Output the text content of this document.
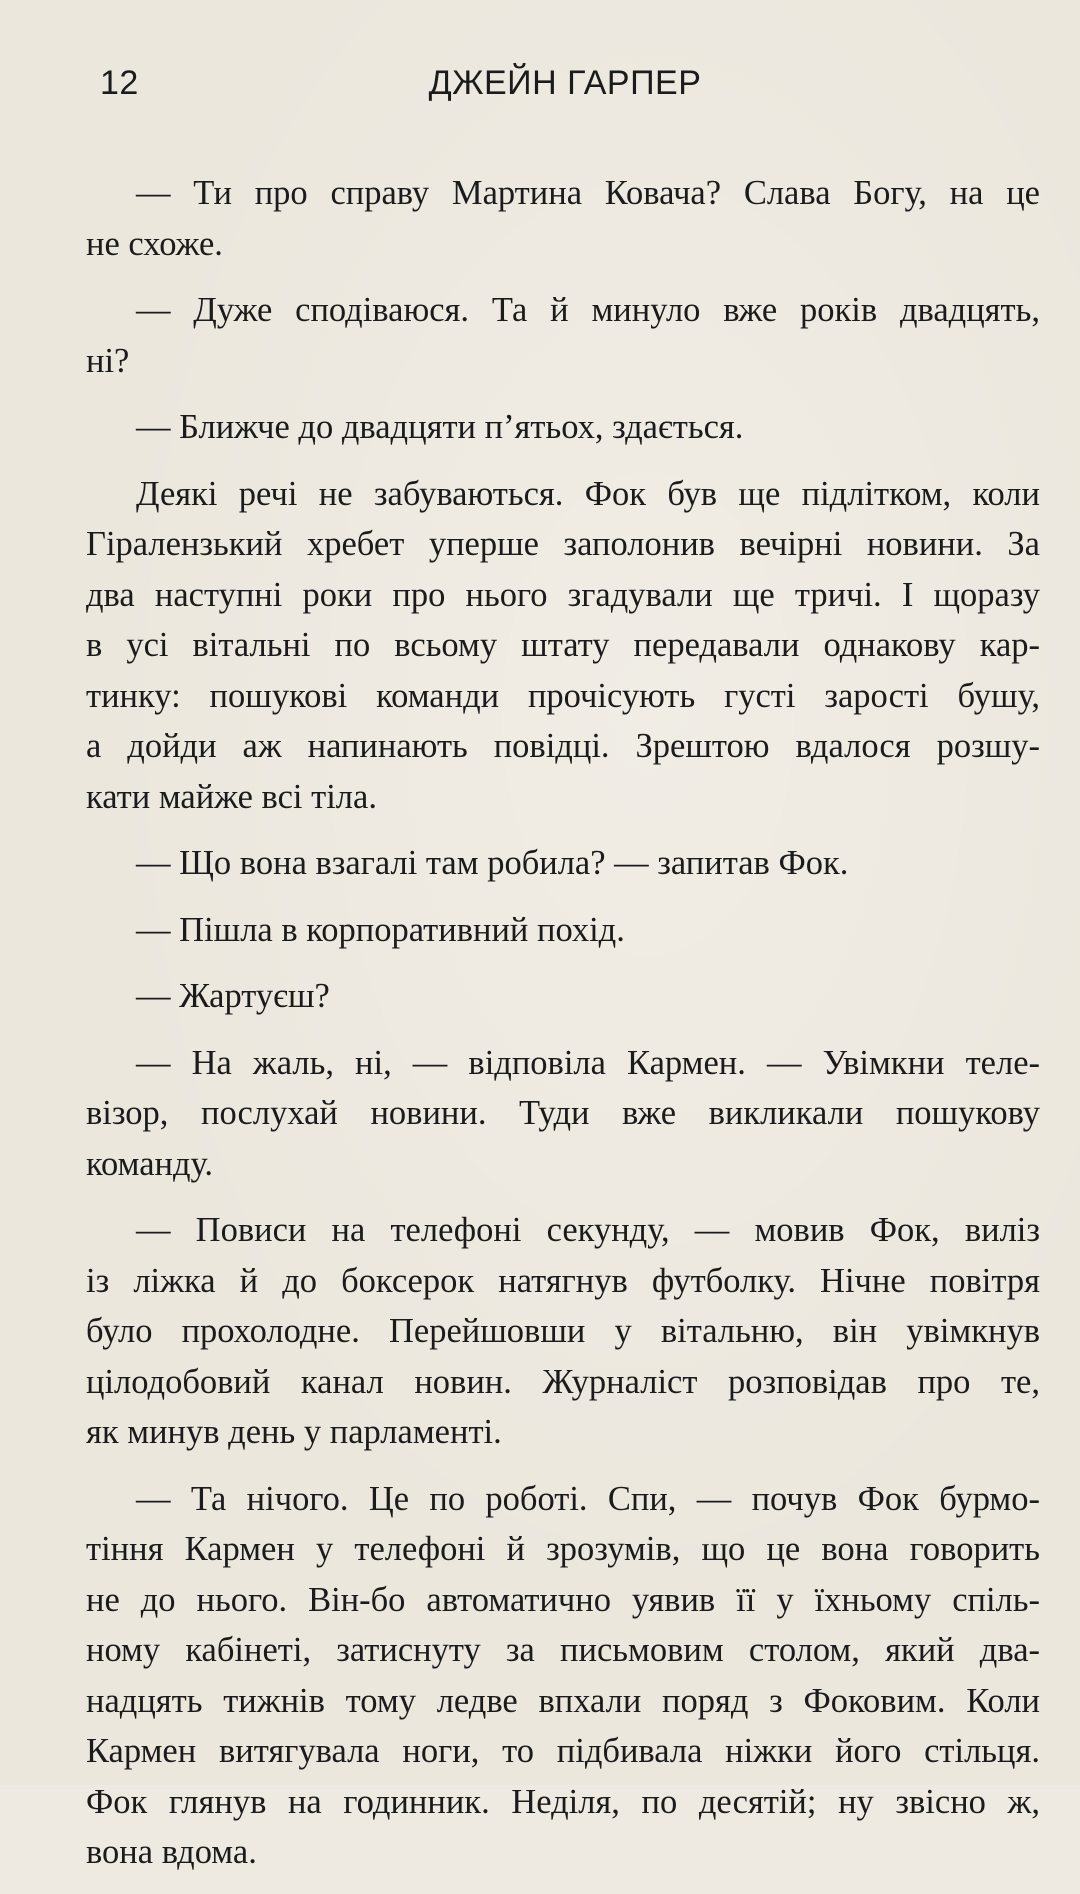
12	ДЖЕЙН ГАРПЕР
— Ти про справу Мартина Ковача? Слава Богу, на це
не схоже.
— Дуже сподіваюся. Та й минуло вже років двадцять,
ні?
— Ближче до двадцяти п’ятьох, здається.
Деякі речі не забуваються. Фок був ще підлітком, коли
Гіралензький хребет уперше заполонив вечірні новини. За
два наступні роки про нього згадували ще тричі. І щоразу
в усі вітальні по всьому штату передавали однакову кар-
тинку: пошукові команди прочісують густі зарості бушу,
а дойди аж напинають повідці. Зрештою вдалося розшу-
кати майже всі тіла.
— Що вона взагалі там робила? — запитав Фок.
— Пішла в корпоративний похід.
— Жартуєш?
— На жаль, ні, — відповіла Кармен. — Увімкни теле-
візор, послухай новини. Туди вже викликали пошукову
команду.
— Повиси на телефоні секунду, — мовив Фок, виліз
із ліжка й до боксерок натягнув футболку. Нічне повітря
було прохолодне. Перейшовши у вітальню, він увімкнув
цілодобовий канал новин. Журналіст розповідав про те,
як минув день у парламенті.
— Та нічого. Це по роботі. Спи, — почув Фок бурмо-
тіння Кармен у телефоні й зрозумів, що це вона говорить
не до нього. Він-бо автоматично уявив її у їхньому спіль-
ному кабінеті, затиснуту за письмовим столом, який два-
надцять тижнів тому ледве впхали поряд з Фоковим. Коли
Кармен витягувала ноги, то підбивала ніжки його стільця.
Фок глянув на годинник. Неділя, по десятій; ну звісно ж,
вона вдома.
